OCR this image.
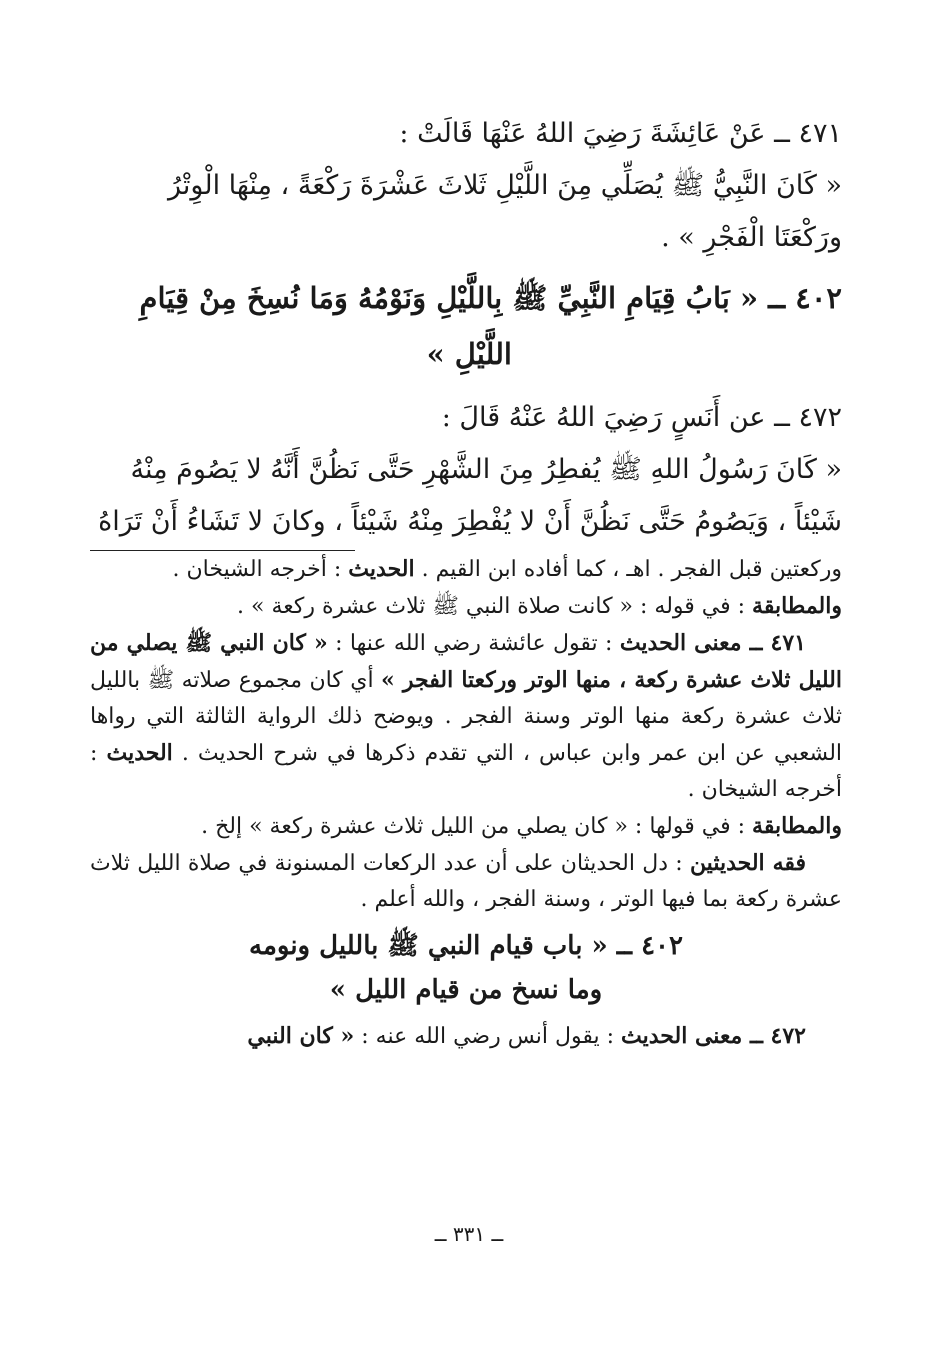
٤٧١ ــ عَنْ عَائِشَةَ رَضِيَ اللهُ عَنْهَا قَالَتْ :

« كَانَ النَّبِيُّ ﷺ يُصَلِّي مِنَ اللَّيْلِ ثَلاثَ عَشْرَةَ رَكْعَةً ، مِنْهَا الْوِتْرُ

ورَكْعَتَا الْفَجْرِ » .

٤٠٢ ــ « بَابُ قِيَامِ النَّبِيِّ ﷺ بِاللَّيْلِ وَنَوْمُهُ وَمَا نُسِخَ مِنْ قِيَامِ
اللَّيْلِ »

٤٧٢ ــ عن أَنَسٍ رَضِيَ اللهُ عَنْهُ قَالَ :

« كَانَ رَسُولُ اللهِ ﷺ يُفطِرُ مِنَ الشَّهْرِ حَتَّى نَظُنَّ أَنَّهُ لا يَصُومَ مِنْهُ

شَيْئاً ، وَيَصُومُ حَتَّى نَظُنَّ أَنْ لا يُفْطِرَ مِنْهُ شَيْئاً ، وكانَ لا تَشَاءُ أَنْ تَرَاهُ

وركعتين قبل الفجر . اهـ ، كما أفاده ابن القيم . الحديث : أخرجه الشيخان .

والمطابقة : في قوله : « كانت صلاة النبي ﷺ ثلاث عشرة ركعة » .

٤٧١ ــ معنى الحديث : تقول عائشة رضي الله عنها : « كان النبي ﷺ يصلي من الليل ثلاث عشرة ركعة ، منها الوتر وركعتا الفجر » أي كان مجموع صلاته ﷺ بالليل ثلاث عشرة ركعة منها الوتر وسنة الفجر . ويوضح ذلك الرواية الثالثة التي رواها الشعبي عن ابن عمر وابن عباس ، التي تقدم ذكرها في شرح الحديث . الحديث : أخرجه الشيخان .

والمطابقة : في قولها : « كان يصلي من الليل ثلاث عشرة ركعة » إلخ .

فقه الحديثين : دل الحديثان على أن عدد الركعات المسنونة في صلاة الليل ثلاث عشرة ركعة بما فيها الوتر ، وسنة الفجر ، والله أعلم .

٤٠٢ ــ « باب قيام النبي ﷺ بالليل ونومه
وما نسخ من قيام الليل »

٤٧٢ ــ معنى الحديث : يقول أنس رضي الله عنه : « كان النبي

ــ ٣٣١ ــ
